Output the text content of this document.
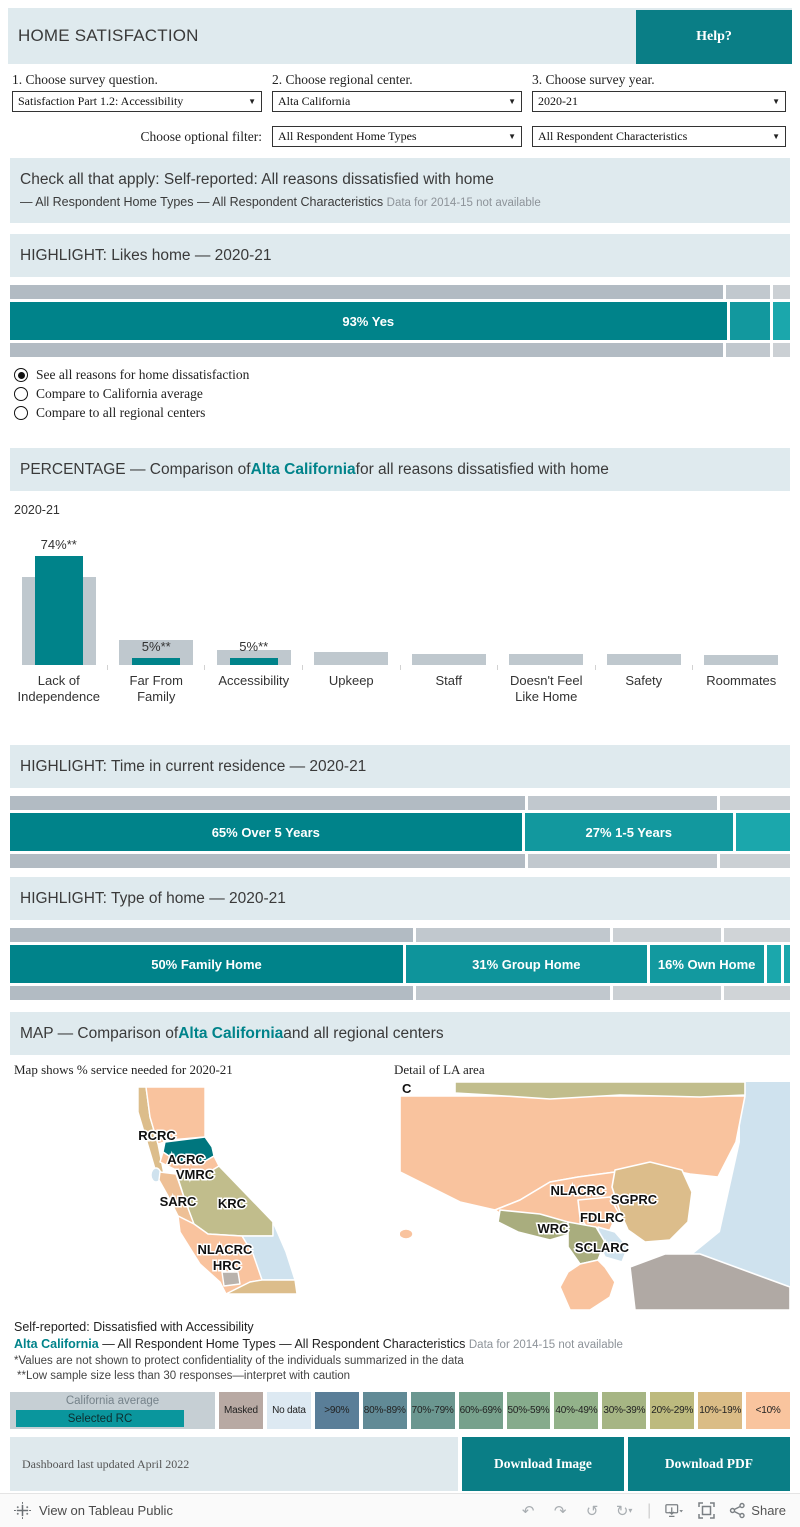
HOME SATISFACTION	Help?
1. Choose survey question.
Satisfaction Part 1.2: Accessibility	▼
2. Choose regional center.
Alta California	▼
3. Choose survey year.
2020-21	▼
Choose optional filter: All Respondent Home Types	▼ All Respondent Characteristics	▼
Check all that apply: Self-reported: All reasons dissatisfied with home
— All Respondent Home Types — All Respondent Characteristics Data for 2014-15 not available
HIGHLIGHT: Likes home — 2020-21
93% Yes
See all reasons for home dissatisfaction
Compare to California average
Compare to all regional centers
PERCENTAGE — Comparison of Alta California for all reasons dissatisfied with home
2020-21
74%**
5%**	5%**
Lack of
Independence
Far From
Family
Accessibility	Upkeep	Staff	Doesn't Feel
Like Home
Safety	Roommates
HIGHLIGHT: Time in current residence — 2020-21
65% Over 5 Years	27% 1-5 Years
HIGHLIGHT: Type of home — 2020-21
50% Family Home	31% Group Home	16% Own Home
MAP — Comparison of Alta California and all regional centers
Map shows % service needed for 2020-21	Detail of LA area
RCRC
ACRC
VMRC
SARC KRC
NLACRC
HRC
C
NLACRC
SGPRC
FDLRC
WRC
SCLARC
Self-reported: Dissatisfied with Accessibility
Alta California — All Respondent Home Types — All Respondent Characteristics Data for 2014-15 not available
*Values are not shown to protect confidentiality of the individuals summarized in the data
**Low sample size less than 30 responses—interpret with caution
California average
Selected RC
Masked	No data	>90%	80%-89% 70%-79% 60%-69% 50%-59% 40%-49% 30%-39% 20%-29% 10%-19%	<10%
Dashboard last updated April 2022	Download Image	Download PDF
View on Tableau Public	↶ ↷ ↺ ↻ ▾ |	Share
